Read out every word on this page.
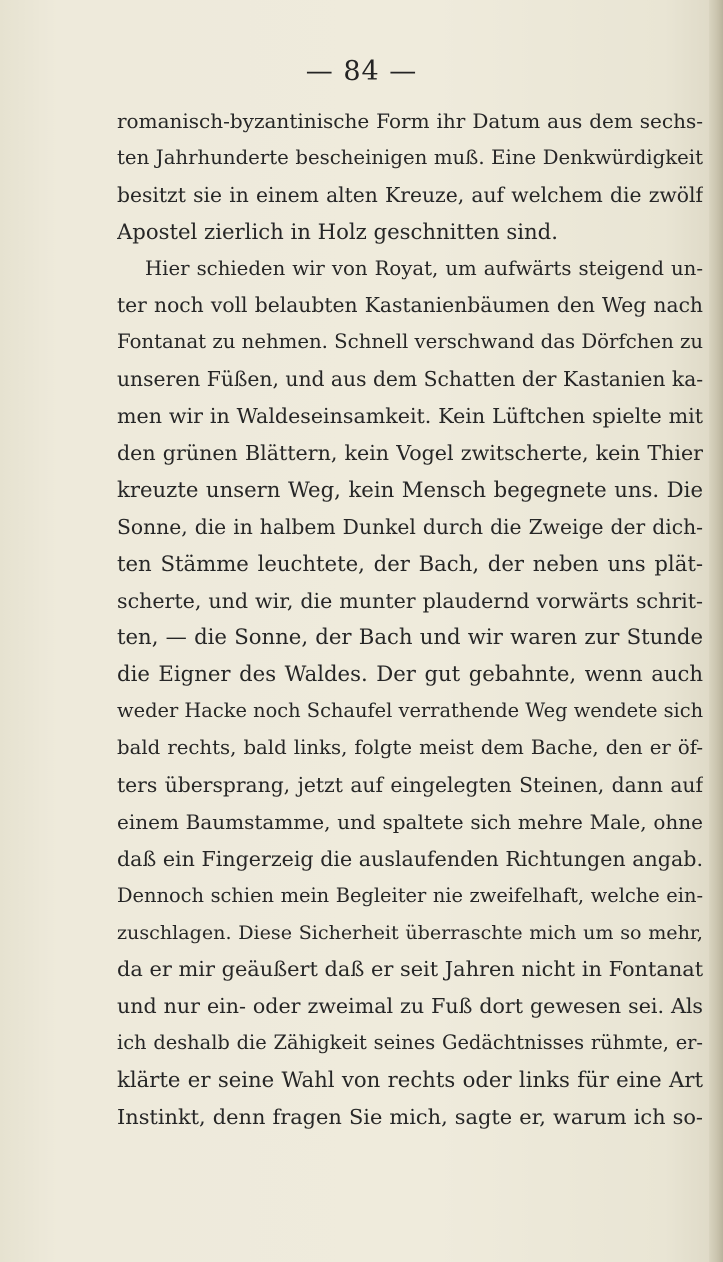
— 84 —
romanisch-byzantinische Form ihr Datum aus dem sechs-
ten Jahrhunderte bescheinigen muß. Eine Denkwürdigkeit
besitzt sie in einem alten Kreuze, auf welchem die zwölf
Apostel zierlich in Holz geschnitten sind.
Hier schieden wir von Royat, um aufwärts steigend un-
ter noch voll belaubten Kastanienbäumen den Weg nach
Fontanat zu nehmen. Schnell verschwand das Dörfchen zu
unseren Füßen, und aus dem Schatten der Kastanien ka-
men wir in Waldeseinsamkeit. Kein Lüftchen spielte mit
den grünen Blättern, kein Vogel zwitscherte, kein Thier
kreuzte unsern Weg, kein Mensch begegnete uns. Die
Sonne, die in halbem Dunkel durch die Zweige der dich-
ten Stämme leuchtete, der Bach, der neben uns plät-
scherte, und wir, die munter plaudernd vorwärts schrit-
ten, — die Sonne, der Bach und wir waren zur Stunde
die Eigner des Waldes. Der gut gebahnte, wenn auch
weder Hacke noch Schaufel verrathende Weg wendete sich
bald rechts, bald links, folgte meist dem Bache, den er öf-
ters übersprang, jetzt auf eingelegten Steinen, dann auf
einem Baumstamme, und spaltete sich mehre Male, ohne
daß ein Fingerzeig die auslaufenden Richtungen angab.
Dennoch schien mein Begleiter nie zweifelhaft, welche ein-
zuschlagen. Diese Sicherheit überraschte mich um so mehr,
da er mir geäußert daß er seit Jahren nicht in Fontanat
und nur ein- oder zweimal zu Fuß dort gewesen sei. Als
ich deshalb die Zähigkeit seines Gedächtnisses rühmte, er-
klärte er seine Wahl von rechts oder links für eine Art
Instinkt, denn fragen Sie mich, sagte er, warum ich so-
